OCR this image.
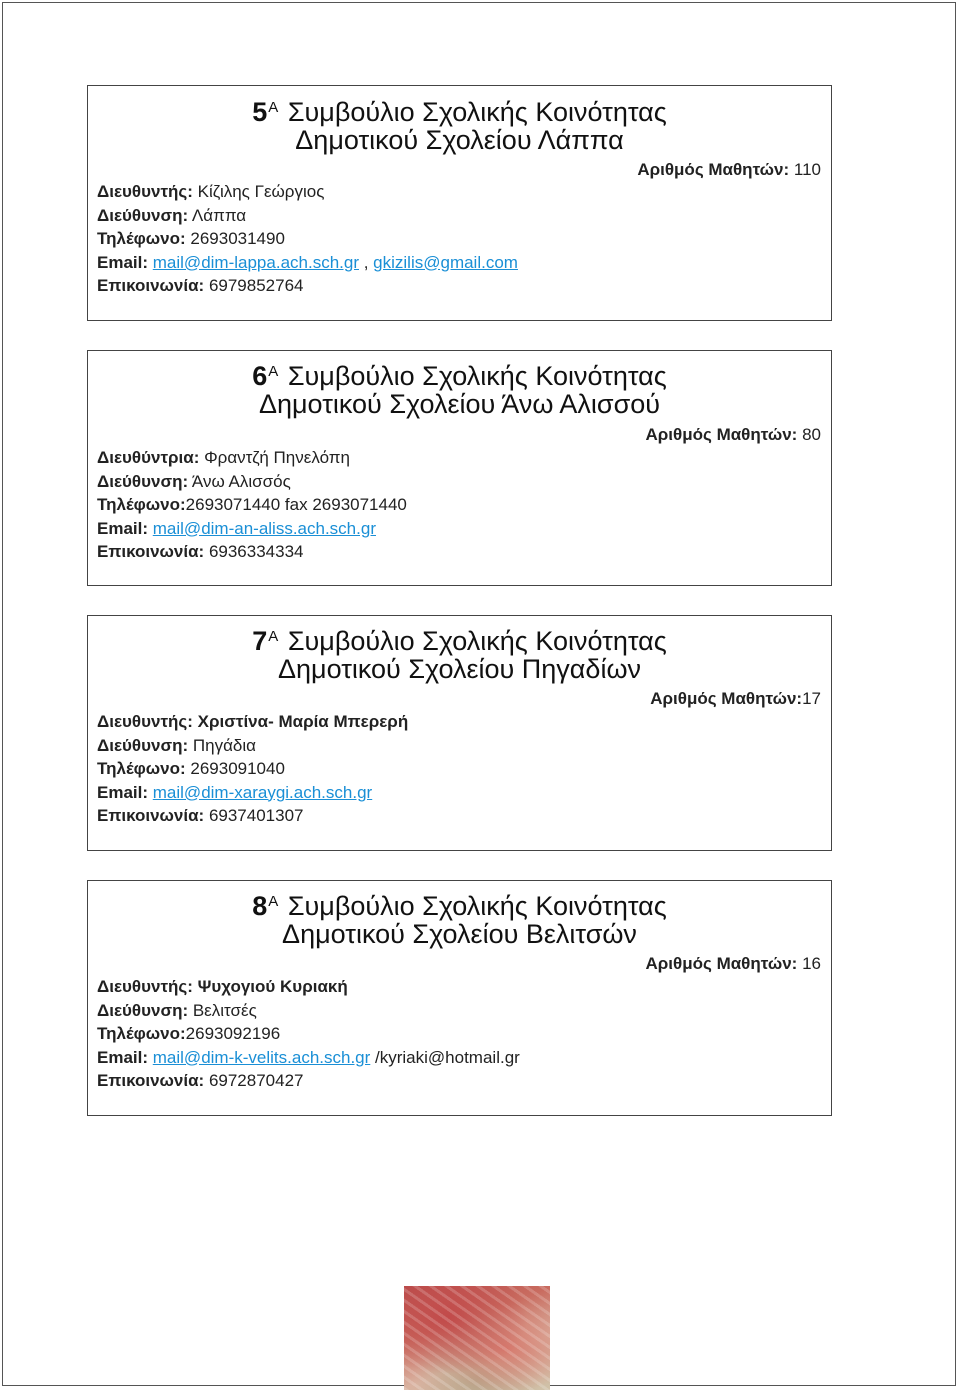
$5^A$ Συμβούλιο Σχολικής Κοινότητας
Δημοτικού Σχολείου Λάππα
Αριθμός Μαθητών: 110
Διευθυντής: Κίζιλης Γεώργιος
Διεύθυνση: Λάππα
Τηλέφωνο: 2693031490
Email: mail@dim-lappa.ach.sch.gr , gkizilis@gmail.com
Επικοινωνία: 6979852764
$6^A$ Συμβούλιο Σχολικής Κοινότητας
Δημοτικού Σχολείου Άνω Αλισσού
Αριθμός Μαθητών: 80
Διευθύντρια: Φραντζή Πηνελόπη
Διεύθυνση: Άνω Αλισσός
Τηλέφωνο:2693071440 fax 2693071440
Email: mail@dim-an-aliss.ach.sch.gr
Επικοινωνία: 6936334334
$7^A$ Συμβούλιο Σχολικής Κοινότητας
Δημοτικού Σχολείου Πηγαδίων
Αριθμός Μαθητών:17
Διευθυντής: Χριστίνα- Μαρία Μπερερή
Διεύθυνση: Πηγάδια
Τηλέφωνο: 2693091040
Email: mail@dim-xaraygi.ach.sch.gr
Επικοινωνία: 6937401307
$8^A$ Συμβούλιο Σχολικής Κοινότητας
Δημοτικού Σχολείου Βελιτσών
Αριθμός Μαθητών: 16
Διευθυντής: Ψυχογιού Κυριακή
Διεύθυνση: Βελιτσές
Τηλέφωνο:2693092196
Email: mail@dim-k-velits.ach.sch.gr /kyriaki@hotmail.gr
Επικοινωνία: 6972870427
